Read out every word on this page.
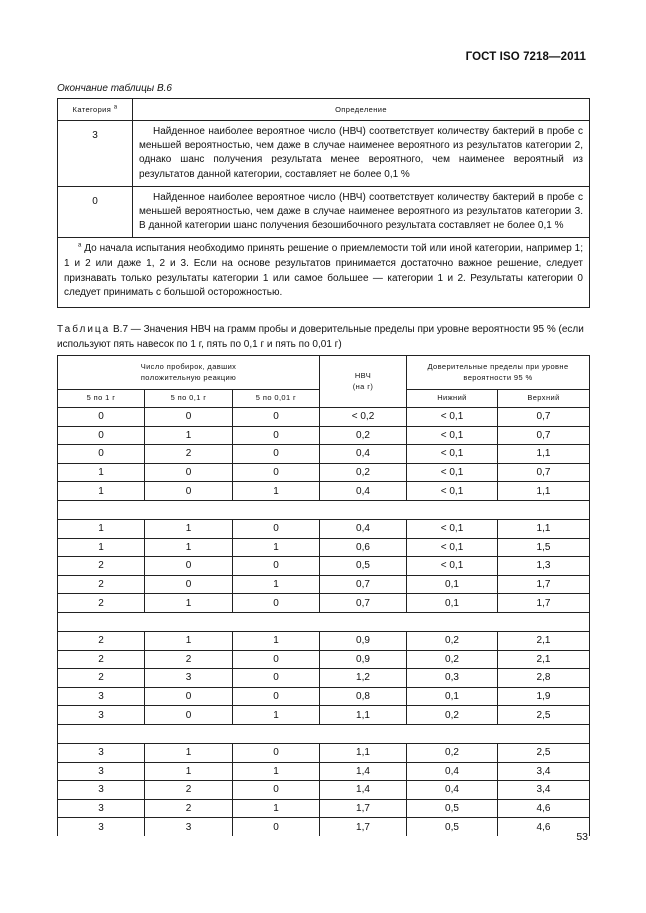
ГОСТ ISO 7218—2011
Окончание таблицы В.6
Категория $^а$	Определение
3	Найденное наиболее вероятное число (НВЧ) соответствует количеству бактерий в пробе с меньшей вероятностью, чем даже в случае наименее вероятного из результатов категории 2, однако шанс получения результата менее вероятного, чем наименее вероятный из результатов данной категории, составляет не более 0,1 %

0	Найденное наиболее вероятное число (НВЧ) соответствует количеству бактерий в пробе с меньшей вероятностью, чем даже в случае наименее вероятного из результатов категории 3. В данной категории шанс получения безошибочного результата составляет не более 0,1 %

$^а$ До начала испытания необходимо принять решение о приемлемости той или иной категории, например 1; 1 и 2 или даже 1, 2 и 3. Если на основе результатов принимается достаточно важное решение, следует признавать только результаты категории 1 или самое большее — категории 1 и 2. Результаты категории 0 следует принимать с большой осторожностью.	
Таблица В.7 — Значения НВЧ на грамм пробы и доверительные пределы при уровне вероятности 95 % (если используют пять навесок по 1 г, пять по 0,1 г и пять по 0,01 г)
Число пробирок, давших положительную реакцию			НВЧ
(на г)	Доверительные пределы при уровне вероятности 95 %	
5 по 1 г	5 по 0,1 г	5 по 0,01 г		Нижний	Верхний
0	0	0	< 0,2	< 0,1	0,7
0	1	0	0,2	< 0,1	0,7
0	2	0	0,4	< 0,1	1,1
1	0	0	0,2	< 0,1	0,7
1	0	1	0,4	< 0,1	1,1

1	1	0	0,4	< 0,1	1,1
1	1	1	0,6	< 0,1	1,5
2	0	0	0,5	< 0,1	1,3
2	0	1	0,7	0,1	1,7
2	1	0	0,7	0,1	1,7

2	1	1	0,9	0,2	2,1
2	2	0	0,9	0,2	2,1
2	3	0	1,2	0,3	2,8
3	0	0	0,8	0,1	1,9
3	0	1	1,1	0,2	2,5

3	1	0	1,1	0,2	2,5
3	1	1	1,4	0,4	3,4
3	2	0	1,4	0,4	3,4
3	2	1	1,7	0,5	4,6
3	3	0	1,7	0,5	4,6
53
